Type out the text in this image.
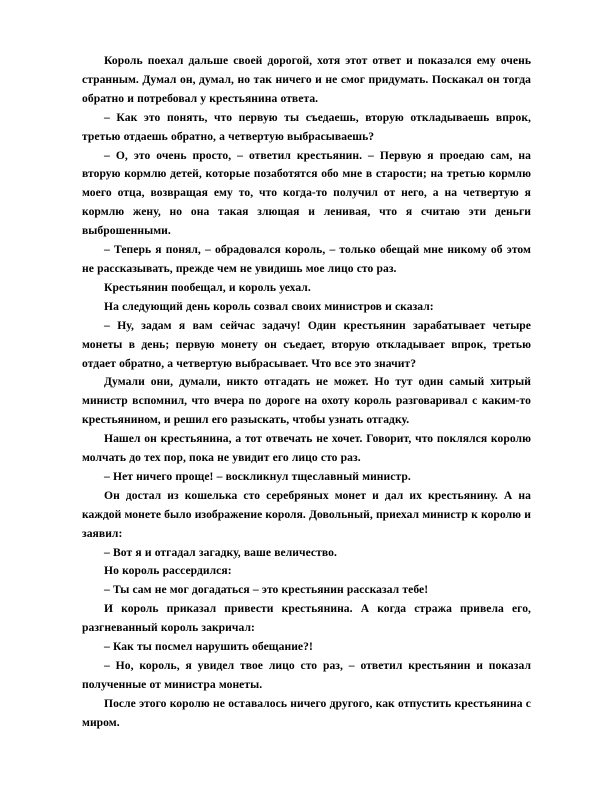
Король поехал дальше своей дорогой, хотя этот ответ и показался ему очень странным. Думал он, думал, но так ничего и не смог придумать. Поскакал он тогда обратно и потребовал у крестьянина ответа.

– Как это понять, что первую ты съедаешь, вторую откладываешь впрок, третью отдаешь обратно, а четвертую выбрасываешь?

– О, это очень просто, – ответил крестьянин. – Первую я проедаю сам, на вторую кормлю детей, которые позаботятся обо мне в старости; на третью кормлю моего отца, возвращая ему то, что когда-то получил от него, а на четвертую я кормлю жену, но она такая злющая и ленивая, что я считаю эти деньги выброшенными.

– Теперь я понял, – обрадовался король, – только обещай мне никому об этом не рассказывать, прежде чем не увидишь мое лицо сто раз.

Крестьянин пообещал, и король уехал.

На следующий день король созвал своих министров и сказал:

– Ну, задам я вам сейчас задачу! Один крестьянин зарабатывает четыре монеты в день; первую монету он съедает, вторую откладывает впрок, третью отдает обратно, а четвертую выбрасывает. Что все это значит?

Думали они, думали, никто отгадать не может. Но тут один самый хитрый министр вспомнил, что вчера по дороге на охоту король разговаривал с каким-то крестьянином, и решил его разыскать, чтобы узнать отгадку.

Нашел он крестьянина, а тот отвечать не хочет. Говорит, что поклялся королю молчать до тех пор, пока не увидит его лицо сто раз.

– Нет ничего проще! – воскликнул тщеславный министр.

Он достал из кошелька сто серебряных монет и дал их крестьянину. А на каждой монете было изображение короля. Довольный, приехал министр к королю и заявил:

– Вот я и отгадал загадку, ваше величество.

Но король рассердился:

– Ты сам не мог догадаться – это крестьянин рассказал тебе!

И король приказал привести крестьянина. А когда стража привела его, разгневанный король закричал:

– Как ты посмел нарушить обещание?!

– Но, король, я увидел твое лицо сто раз, – ответил крестьянин и показал полученные от министра монеты.

После этого королю не оставалось ничего другого, как отпустить крестьянина с миром.
